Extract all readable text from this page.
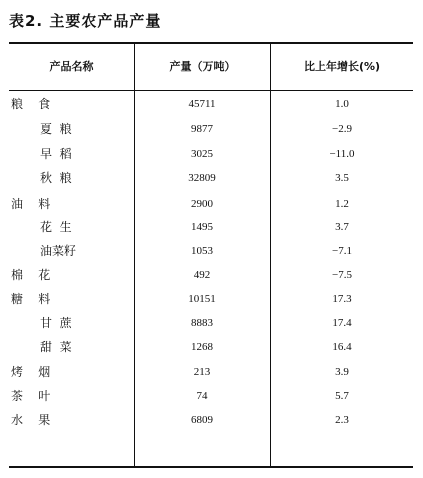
表2. 主要农产品产量
产品名称	产量（万吨）	比上年增长(%)
粮    食	45711	1.0
夏  粮	9877	−2.9
早  稻	3025	−11.0
秋  粮	32809	3.5
油    料	2900	1.2
花  生	1495	3.7
油菜籽	1053	−7.1
棉    花	492	−7.5
糖    料	10151	17.3
甘  蔗	8883	17.4
甜  菜	1268	16.4
烤    烟	213	3.9
茶    叶	74	5.7
水    果	6809	2.3
